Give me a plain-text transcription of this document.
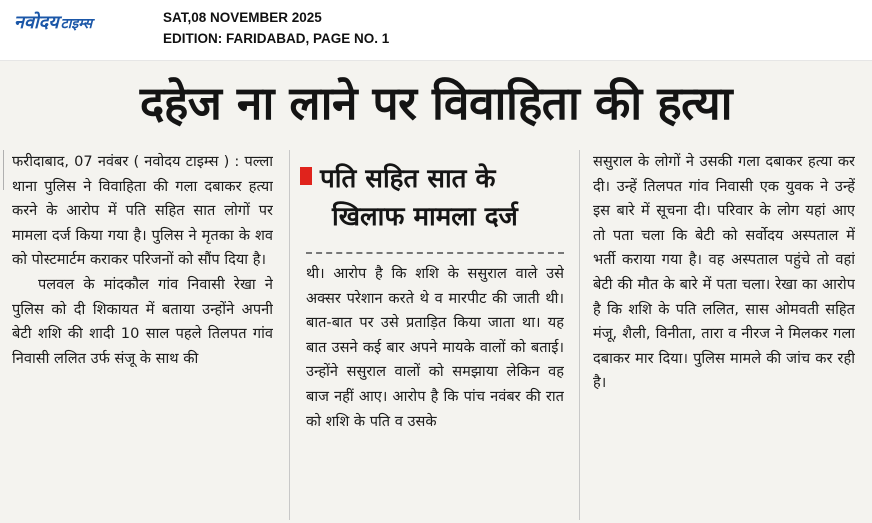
नवोदय टाइम्स	SAT,08 NOVEMBER 2025
EDITION: FARIDABAD, PAGE NO. 1
दहेज ना लाने पर विवाहिता की हत्या

फरीदाबाद, 07 नवंबर ( नवोदय टाइम्स ) : पल्ला थाना पुलिस ने विवाहिता की गला दबाकर हत्या करने के आरोप में पति सहित सात लोगों पर मामला दर्ज किया गया है। पुलिस ने मृतका के शव को पोस्टमार्टम कराकर परिजनों को सौंप दिया है।

पलवल के मांदकौल गांव निवासी रेखा ने पुलिस को दी शिकायत में बताया उन्होंने अपनी बेटी शशि की शादी 10 साल पहले तिलपत गांव निवासी ललित उर्फ संजू के साथ की

पति सहित सात के
खिलाफ मामला दर्ज

थी। आरोप है कि शशि के ससुराल वाले उसे अक्सर परेशान करते थे व मारपीट की जाती थी। बात-बात पर उसे प्रताड़ित किया जाता था। यह बात उसने कई बार अपने मायके वालों को बताई। उन्होंने ससुराल वालों को समझाया लेकिन वह बाज नहीं आए। आरोप है कि पांच नवंबर की रात को शशि के पति व उसके

ससुराल के लोगों ने उसकी गला दबाकर हत्या कर दी। उन्हें तिलपत गांव निवासी एक युवक ने उन्हें इस बारे में सूचना दी। परिवार के लोग यहां आए तो पता चला कि बेटी को सर्वोदय अस्पताल में भर्ती कराया गया है। वह अस्पताल पहुंचे तो वहां बेटी की मौत के बारे में पता चला। रेखा का आरोप है कि शशि के पति ललित, सास ओमवती सहित मंजू, शैली, विनीता, तारा व नीरज ने मिलकर गला दबाकर मार दिया। पुलिस मामले की जांच कर रही है।
